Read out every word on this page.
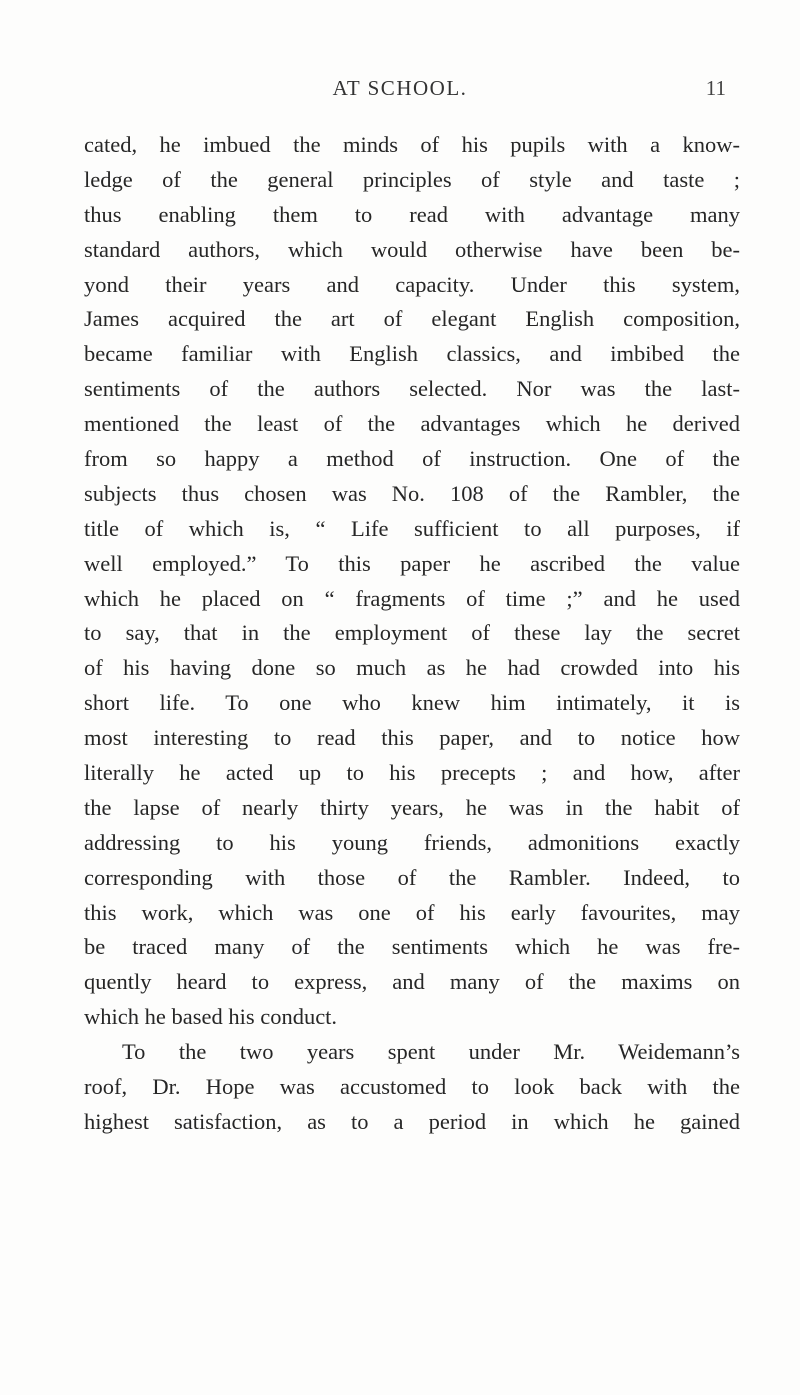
AT SCHOOL.	11
cated, he imbued the minds of his pupils with a know-
ledge of the general principles of style and taste ;
thus enabling them to read with advantage many
standard authors, which would otherwise have been be-
yond their years and capacity. Under this system,
James acquired the art of elegant English composition,
became familiar with English classics, and imbibed the
sentiments of the authors selected. Nor was the last-
mentioned the least of the advantages which he derived
from so happy a method of instruction. One of the
subjects thus chosen was No. 108 of the Rambler, the
title of which is, “ Life sufficient to all purposes, if
well employed.” To this paper he ascribed the value
which he placed on “ fragments of time ;” and he used
to say, that in the employment of these lay the secret
of his having done so much as he had crowded into his
short life. To one who knew him intimately, it is
most interesting to read this paper, and to notice how
literally he acted up to his precepts ; and how, after
the lapse of nearly thirty years, he was in the habit of
addressing to his young friends, admonitions exactly
corresponding with those of the Rambler. Indeed, to
this work, which was one of his early favourites, may
be traced many of the sentiments which he was fre-
quently heard to express, and many of the maxims on
which he based his conduct.
To the two years spent under Mr. Weidemann’s
roof, Dr. Hope was accustomed to look back with the
highest satisfaction, as to a period in which he gained
